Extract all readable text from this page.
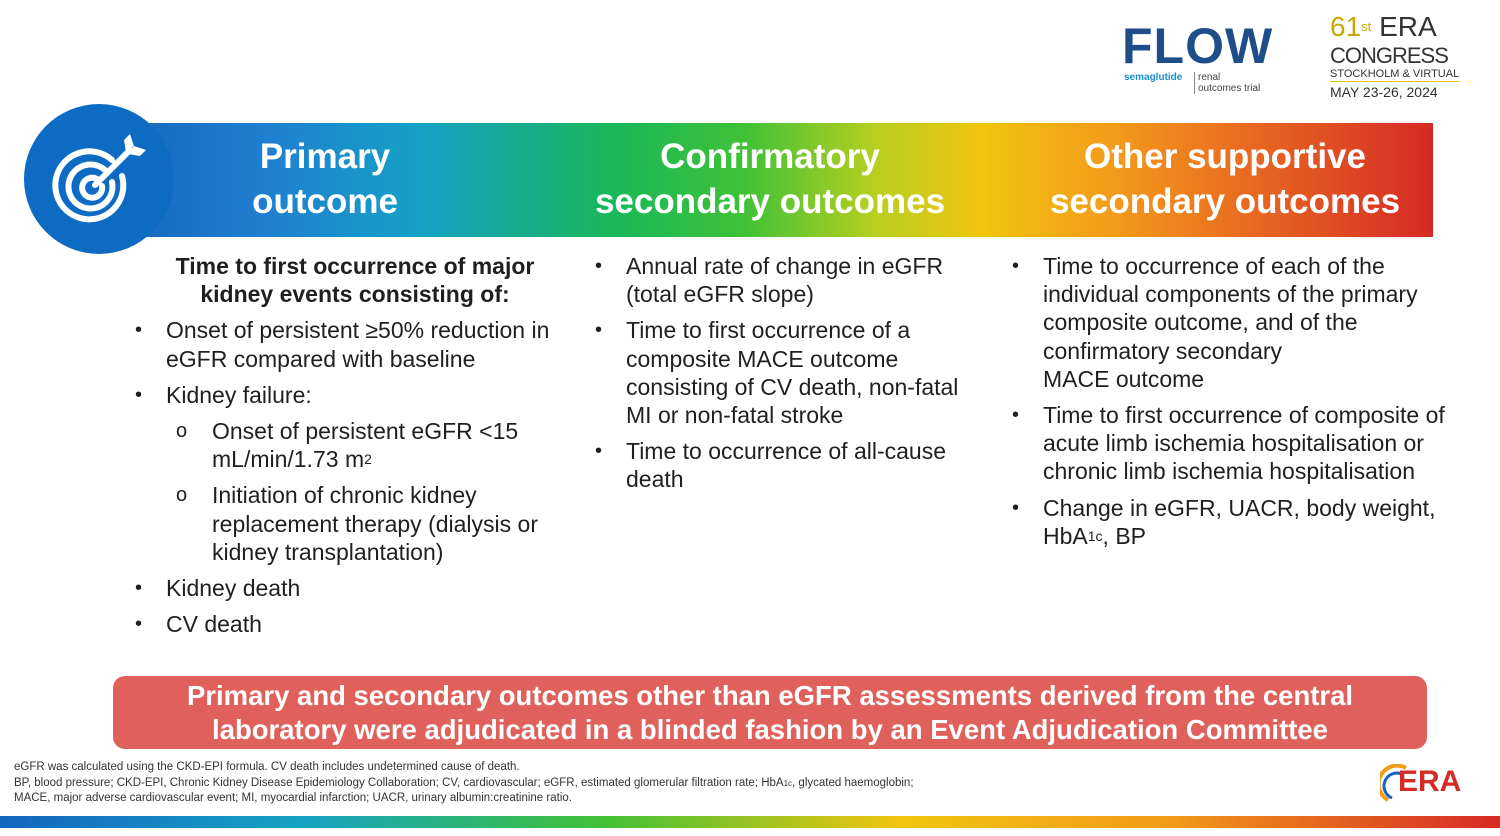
FLOW
semaglutide	renal
outcomes trial
61st ERA
CONGRESS
STOCKHOLM & VIRTUAL
MAY 23-26, 2024
Primary
outcome
Confirmatory
secondary outcomes
Other supportive
secondary outcomes
Time to first occurrence of major kidney events consisting of:
• Onset of persistent ≥50% reduction in eGFR compared with baseline
• Kidney failure:
o Onset of persistent eGFR <15 mL/min/1.73 $m^2$
o Initiation of chronic kidney replacement therapy (dialysis or kidney transplantation)
• Kidney death
• CV death
• Annual rate of change in eGFR (total eGFR slope)
• Time to first occurrence of a composite MACE outcome consisting of CV death, non-fatal MI or non-fatal stroke
• Time to occurrence of all-cause death
• Time to occurrence of each of the individual components of the primary composite outcome, and of the confirmatory secondary
MACE outcome
• Time to first occurrence of composite of acute limb ischemia hospitalisation or chronic limb ischemia hospitalisation
• Change in eGFR, UACR, body weight, HbA1c, BP
Primary and secondary outcomes other than eGFR assessments derived from the central
laboratory were adjudicated in a blinded fashion by an Event Adjudication Committee
eGFR was calculated using the CKD-EPI formula. CV death includes undetermined cause of death.
BP, blood pressure; CKD-EPI, Chronic Kidney Disease Epidemiology Collaboration; CV, cardiovascular; eGFR, estimated glomerular filtration rate; HbA1c, glycated haemoglobin;
MACE, major adverse cardiovascular event; MI, myocardial infarction; UACR, urinary albumin:creatinine ratio.	ERA
